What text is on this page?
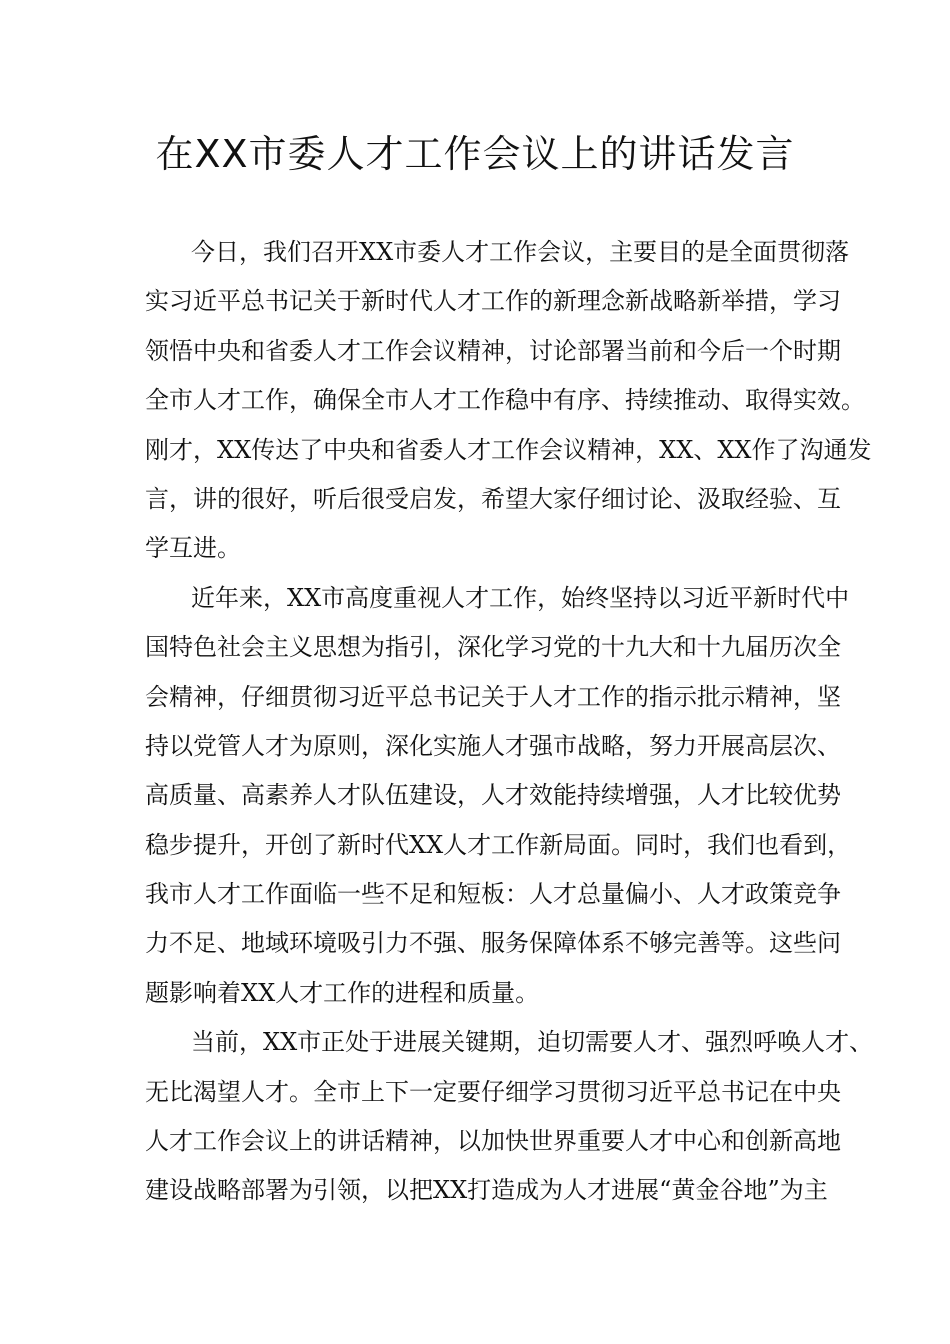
在XX市委人才工作会议上的讲话发言
今日，我们召开XX市委人才工作会议，主要目的是全面贯彻落
实习近平总书记关于新时代人才工作的新理念新战略新举措，学习
领悟中央和省委人才工作会议精神，讨论部署当前和今后一个时期
全市人才工作，确保全市人才工作稳中有序、持续推动、取得实效。
刚才，XX传达了中央和省委人才工作会议精神，XX、XX作了沟通发
言，讲的很好，听后很受启发，希望大家仔细讨论、汲取经验、互
学互进。
近年来，XX市高度重视人才工作，始终坚持以习近平新时代中
国特色社会主义思想为指引，深化学习党的十九大和十九届历次全
会精神，仔细贯彻习近平总书记关于人才工作的指示批示精神，坚
持以党管人才为原则，深化实施人才强市战略，努力开展高层次、
高质量、高素养人才队伍建设，人才效能持续增强，人才比较优势
稳步提升，开创了新时代XX人才工作新局面。同时，我们也看到，
我市人才工作面临一些不足和短板：人才总量偏小、人才政策竞争
力不足、地域环境吸引力不强、服务保障体系不够完善等。这些问
题影响着XX人才工作的进程和质量。
当前，XX市正处于进展关键期，迫切需要人才、强烈呼唤人才、
无比渴望人才。全市上下一定要仔细学习贯彻习近平总书记在中央
人才工作会议上的讲话精神，以加快世界重要人才中心和创新高地
建设战略部署为引领，以把XX打造成为人才进展“黄金谷地”为主
